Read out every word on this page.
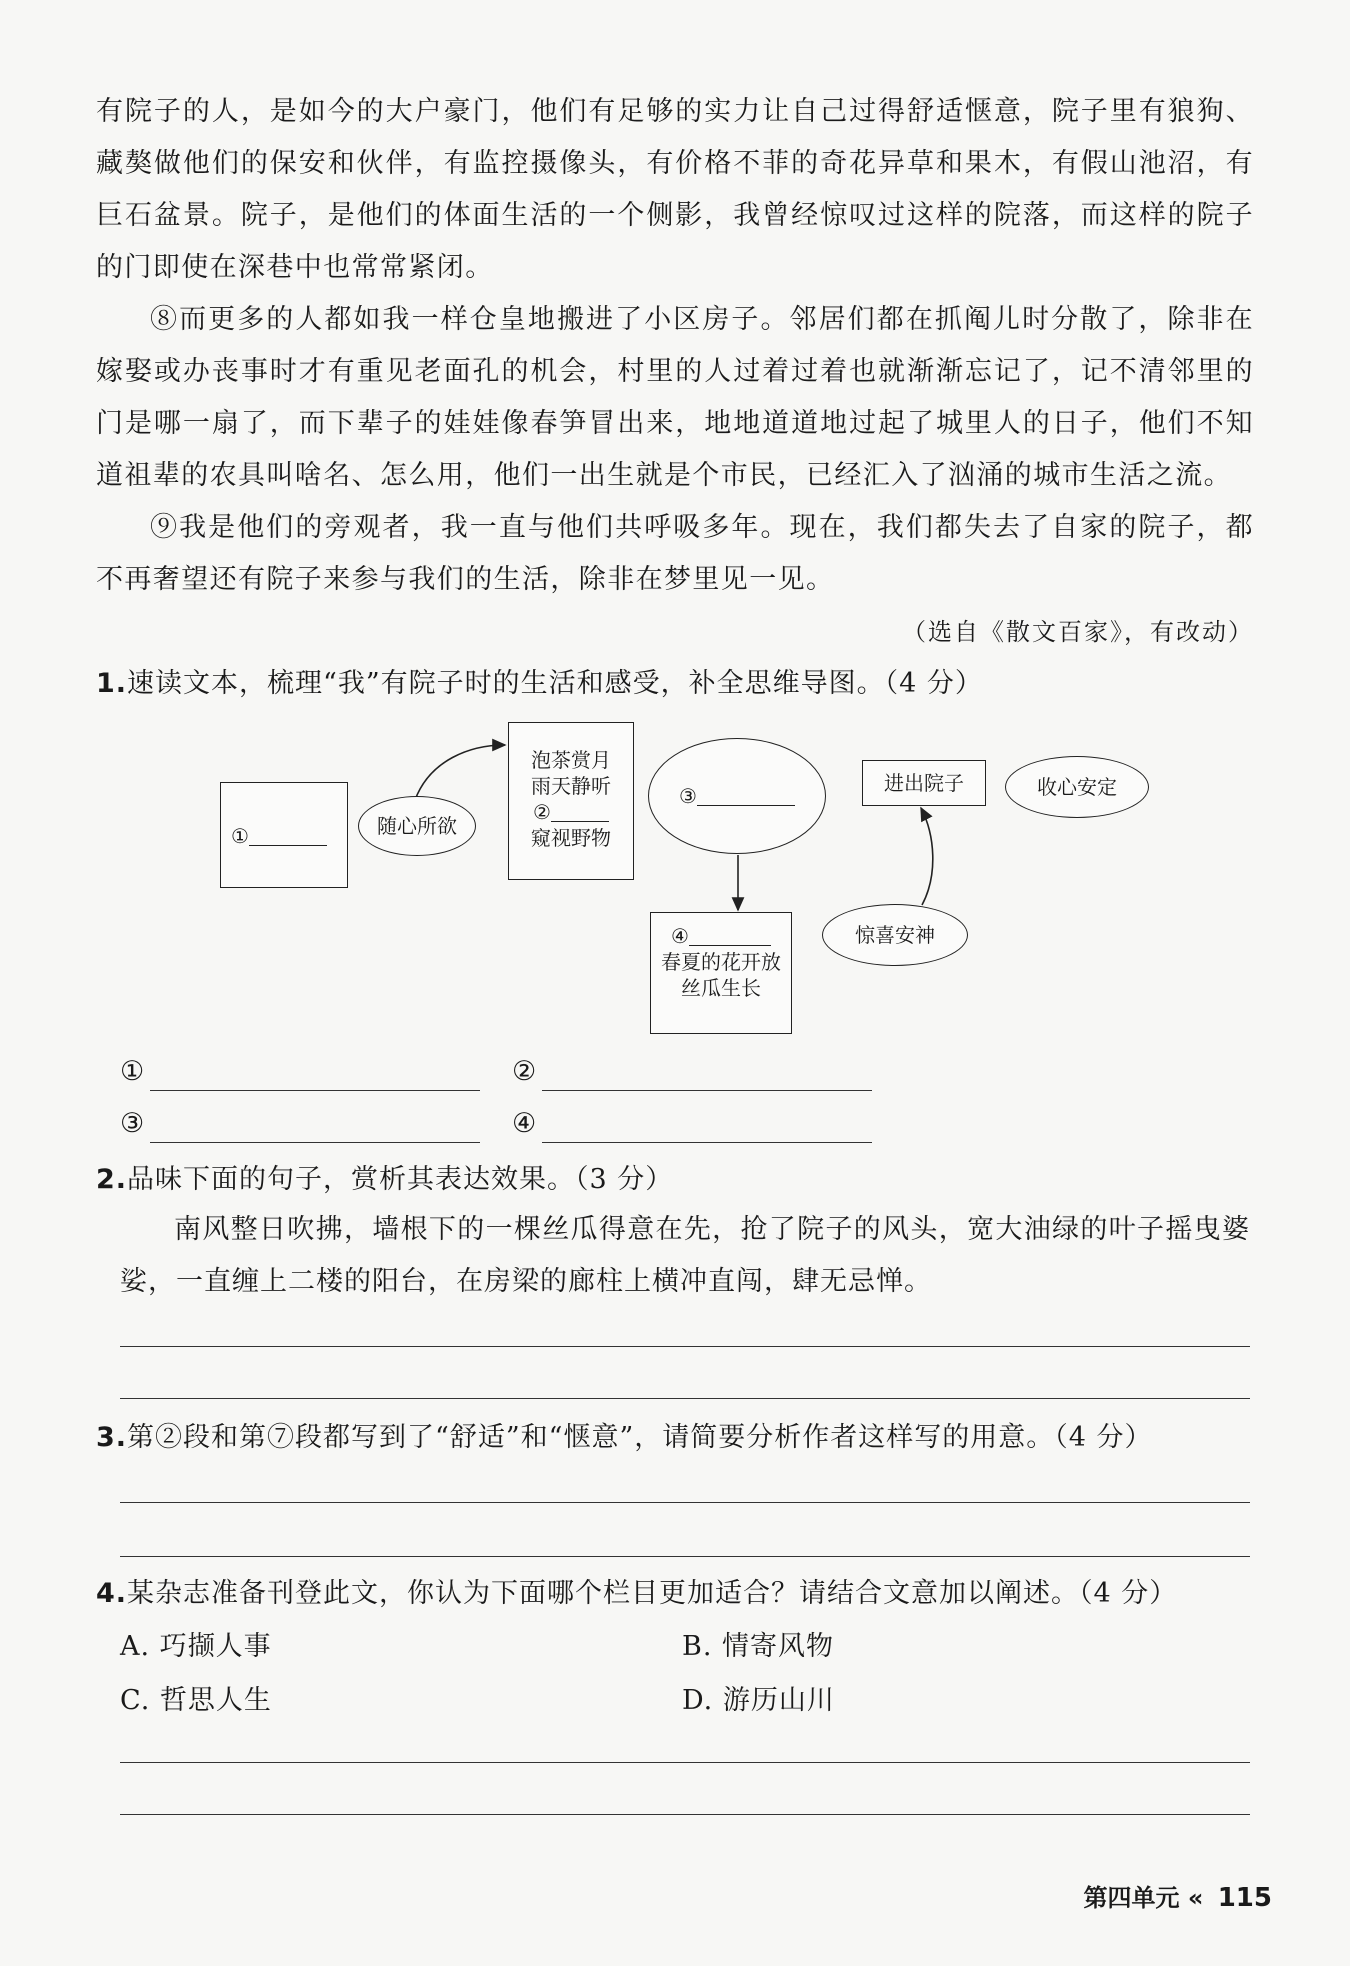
有院子的人，是如今的大户豪门，他们有足够的实力让自己过得舒适惬意，院子里有狼狗、藏獒做他们的保安和伙伴，有监控摄像头，有价格不菲的奇花异草和果木，有假山池沼，有巨石盆景。院子，是他们的体面生活的一个侧影，我曾经惊叹过这样的院落，而这样的院子的门即使在深巷中也常常紧闭。

⑧而更多的人都如我一样仓皇地搬进了小区房子。邻居们都在抓阄儿时分散了，除非在嫁娶或办丧事时才有重见老面孔的机会，村里的人过着过着也就渐渐忘记了，记不清邻里的门是哪一扇了，而下辈子的娃娃像春笋冒出来，地地道道地过起了城里人的日子，他们不知道祖辈的农具叫啥名、怎么用，他们一出生就是个市民，已经汇入了汹涌的城市生活之流。

⑨我是他们的旁观者，我一直与他们共呼吸多年。现在，我们都失去了自家的院子，都不再奢望还有院子来参与我们的生活，除非在梦里见一见。

（选自《散文百家》，有改动）
1.速读文本，梳理“我”有院子时的生活和感受，补全思维导图。（4 分）
①	随心所欲
泡茶赏月
雨天静听
②
窥视野物
③
④
春夏的花开放
丝瓜生长
进出院子	收心安定
惊喜安神
①	②
③	④
2.品味下面的句子，赏析其表达效果。（3 分）
南风整日吹拂，墙根下的一棵丝瓜得意在先，抢了院子的风头，宽大油绿的叶子摇曳婆娑，一直缠上二楼的阳台，在房梁的廊柱上横冲直闯，肆无忌惮。
3.第②段和第⑦段都写到了“舒适”和“惬意”，请简要分析作者这样写的用意。（4 分）
4.某杂志准备刊登此文，你认为下面哪个栏目更加适合？请结合文意加以阐述。（4 分）
A. 巧撷人事	B. 情寄风物
C. 哲思人生	D. 游历山川
第四单元 « 115
